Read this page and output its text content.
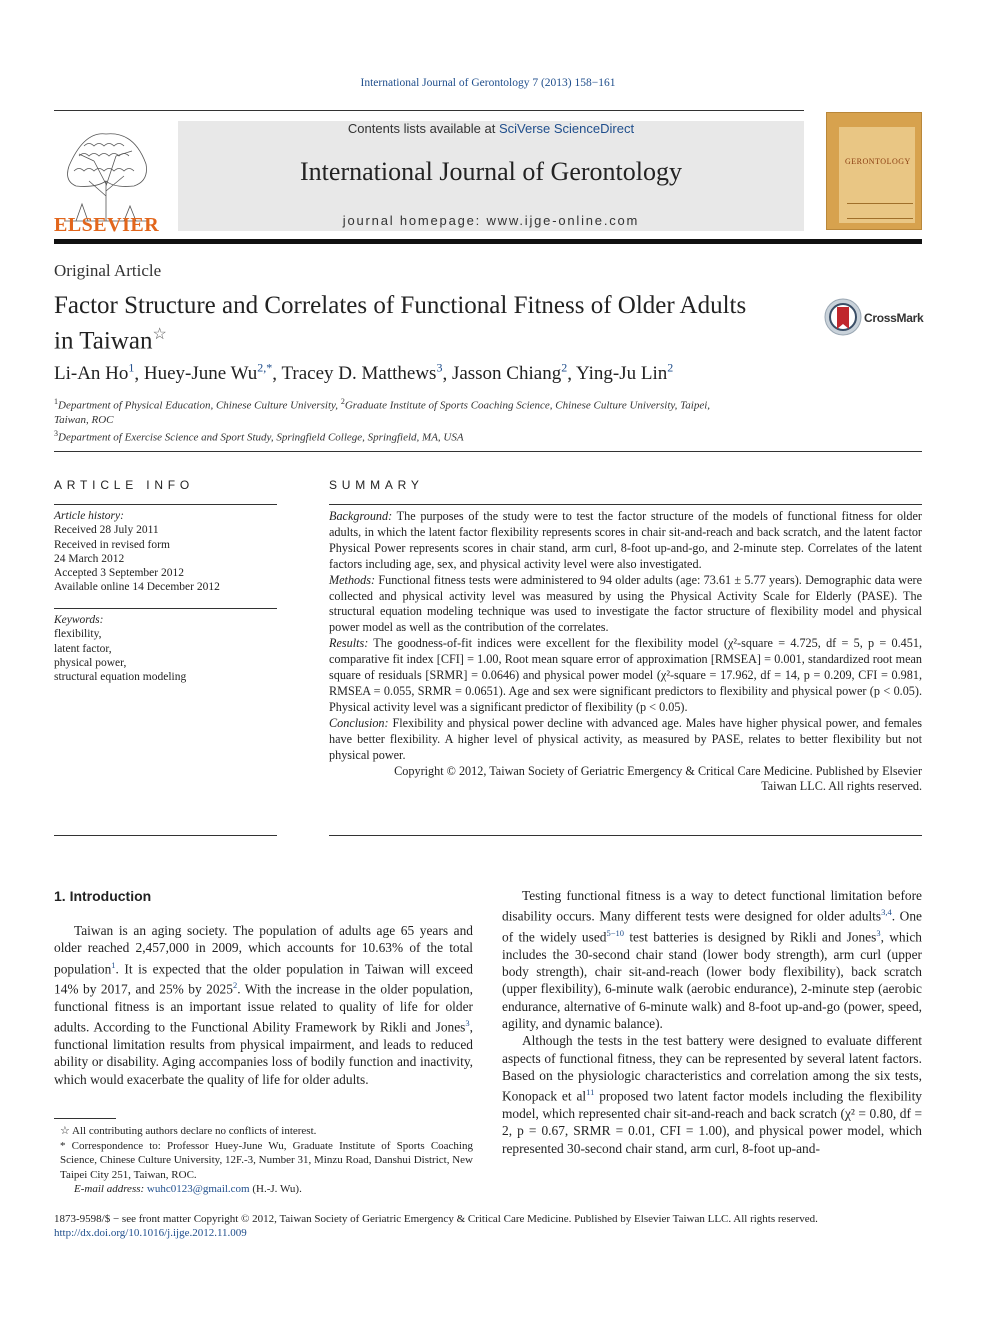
International Journal of Gerontology 7 (2013) 158−161
ELSEVIER
Contents lists available at SciVerse ScienceDirect
International Journal of Gerontology
journal homepage: www.ijge-online.com
GERONTOLOGY
Original Article
Factor Structure and Correlates of Functional Fitness of Older Adults
in Taiwan☆
CrossMark
Li-An Ho$^1$, Huey-June $Wu^{2,*}$, Tracey D. Matthews$^3$, Jasson Chiang$^2$, Ying-Ju Lin$^2$
$^1$Department of Physical Education, Chinese Culture University, $^2$Graduate Institute of Sports Coaching Science, Chinese Culture University, Taipei,
Taiwan, ROC
$^3$Department of Exercise Science and Sport Study, Springfield College, Springfield, MA, USA
ARTICLE INFO
Article history:
Received 28 July 2011
Received in revised form
24 March 2012
Accepted 3 September 2012
Available online 14 December 2012
Keywords:
flexibility,
latent factor,
physical power,
structural equation modeling
SUMMARY

Background: The purposes of the study were to test the factor structure of the models of functional fitness for older adults, in which the latent factor flexibility represents scores in chair sit-and-reach and back scratch, and the latent factor Physical Power represents scores in chair stand, arm curl, 8-foot up-and-go, and 2-minute step. Correlates of the latent factors including age, sex, and physical activity level were also investigated.

Methods: Functional fitness tests were administered to 94 older adults (age: 73.61 ± 5.77 years). Demographic data were collected and physical activity level was measured by using the Physical Activity Scale for Elderly (PASE). The structural equation modeling technique was used to investigate the factor structure of flexibility model and physical power model as well as the contribution of the correlates.

Results: The goodness-of-fit indices were excellent for the flexibility model (χ²-square = 4.725, df = 5, p = 0.451, comparative fit index [CFI] = 1.00, Root mean square error of approximation [RMSEA] = 0.001, standardized root mean square of residuals [SRMR] = 0.0646) and physical power model (χ²-square = 17.962, df = 14, p = 0.209, CFI = 0.981, RMSEA = 0.055, SRMR = 0.0651). Age and sex were significant predictors to flexibility and physical power (p < 0.05). Physical activity level was a significant predictor of flexibility (p < 0.05).

Conclusion: Flexibility and physical power decline with advanced age. Males have higher physical power, and females have better flexibility. A higher level of physical activity, as measured by PASE, relates to better flexibility but not physical power.

Copyright © 2012, Taiwan Society of Geriatric Emergency & Critical Care Medicine. Published by Elsevier
Taiwan LLC. All rights reserved.

1. Introduction

Taiwan is an aging society. The population of adults age 65 years and older reached 2,457,000 in 2009, which accounts for 10.63% of the total population$^1$. It is expected that the older population in Taiwan will exceed 14% by 2017, and 25% by 2025$^2$. With the increase in the older population, functional fitness is an important issue related to quality of life for older adults. According to the Functional Ability Framework by Rikli and Jones$^3$, functional limitation results from physical impairment, and leads to reduced ability or disability. Aging accompanies loss of bodily function and inactivity, which would exacerbate the quality of life for older adults.

Testing functional fitness is a way to detect functional limitation before disability occurs. Many different tests were designed for older adults$^{3,4}$. One of the widely used$^{5-10}$ test batteries is designed by Rikli and Jones$^3$, which includes the 30-second chair stand (lower body strength), arm curl (upper body strength), chair sit-and-reach (lower body flexibility), back scratch (upper flexibility), 6-minute walk (aerobic endurance), 2-minute step (aerobic endurance, alternative of 6-minute walk) and 8-foot up-and-go (power, speed, agility, and dynamic balance).

Although the tests in the test battery were designed to evaluate different aspects of functional fitness, they can be represented by several latent factors. Based on the physiologic characteristics and correlation among the six tests, Konopack et $al^{11}$ proposed two latent factor models including the flexibility model, which represented chair sit-and-reach and back scratch (χ² = 0.80, df = 2, p = 0.67, SRMR = 0.01, CFI = 1.00), and physical power model, which represented 30-second chair stand, arm curl, 8-foot up-and-

☆ All contributing authors declare no conflicts of interest.
* Correspondence to: Professor Huey-June Wu, Graduate Institute of Sports Coaching Science, Chinese Culture University, 12F.-3, Number 31, Minzu Road, Danshui District, New Taipei City 251, Taiwan, ROC.
E-mail address: wuhc0123@gmail.com (H.-J. Wu).
1873-9598/$ − see front matter Copyright © 2012, Taiwan Society of Geriatric Emergency & Critical Care Medicine. Published by Elsevier Taiwan LLC. All rights reserved.
http://dx.doi.org/10.1016/j.ijge.2012.11.009
